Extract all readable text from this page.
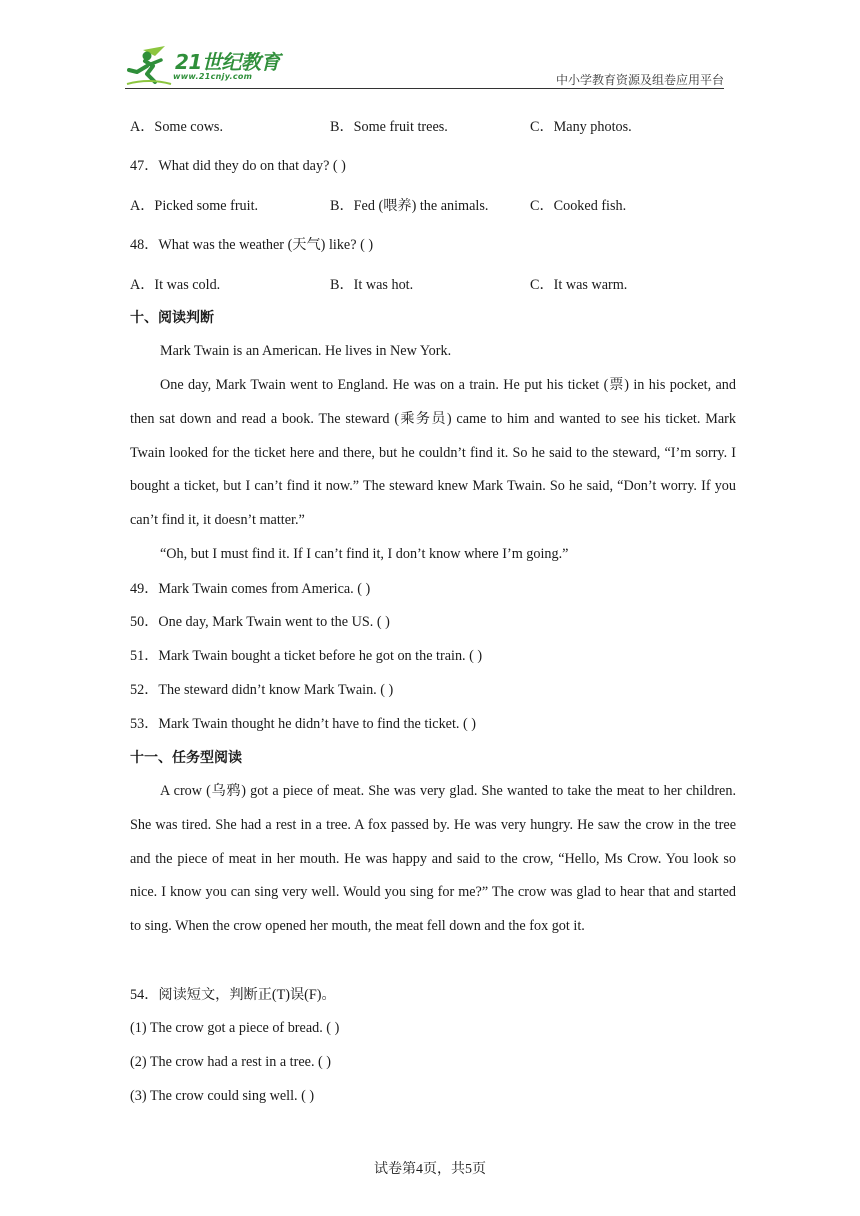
21世纪教育
www.21cnjy.com	中小学教育资源及组卷应用平台
A．Some cows.	B．Some fruit trees.	C．Many photos.
47．What did they do on that day? ( )
A．Picked some fruit.	B．Fed (喂养) the animals.	C．Cooked fish.
48．What was the weather (天气) like? ( )
A．It was cold.	B．It was hot.	C．It was warm.
十、阅读判断
Mark Twain is an American. He lives in New York.
One day, Mark Twain went to England. He was on a train. He put his ticket (票) in his pocket, and then sat down and read a book. The steward (乘务员) came to him and wanted to see his ticket. Mark Twain looked for the ticket here and there, but he couldn’t find it. So he said to the steward, “I’m sorry. I bought a ticket, but I can’t find it now.” The steward knew Mark Twain. So he said, “Don’t worry. If you can’t find it, it doesn’t matter.”
“Oh, but I must find it. If I can’t find it, I don’t know where I’m going.”
49．Mark Twain comes from America. ( )
50．One day, Mark Twain went to the US. ( )
51．Mark Twain bought a ticket before he got on the train. ( )
52．The steward didn’t know Mark Twain. ( )
53．Mark Twain thought he didn’t have to find the ticket. ( )
十一、任务型阅读
A crow (乌鸦) got a piece of meat. She was very glad. She wanted to take the meat to her children. She was tired. She had a rest in a tree. A fox passed by. He was very hungry. He saw the crow in the tree and the piece of meat in her mouth. He was happy and said to the crow, “Hello, Ms Crow. You look so nice. I know you can sing very well. Would you sing for me?” The crow was glad to hear that and started to sing. When the crow opened her mouth, the meat fell down and the fox got it.
54．阅读短文，判断正(T)误(F)。
(1) The crow got a piece of bread. ( )
(2) The crow had a rest in a tree. ( )
(3) The crow could sing well. ( )
试卷第4页，共5页
